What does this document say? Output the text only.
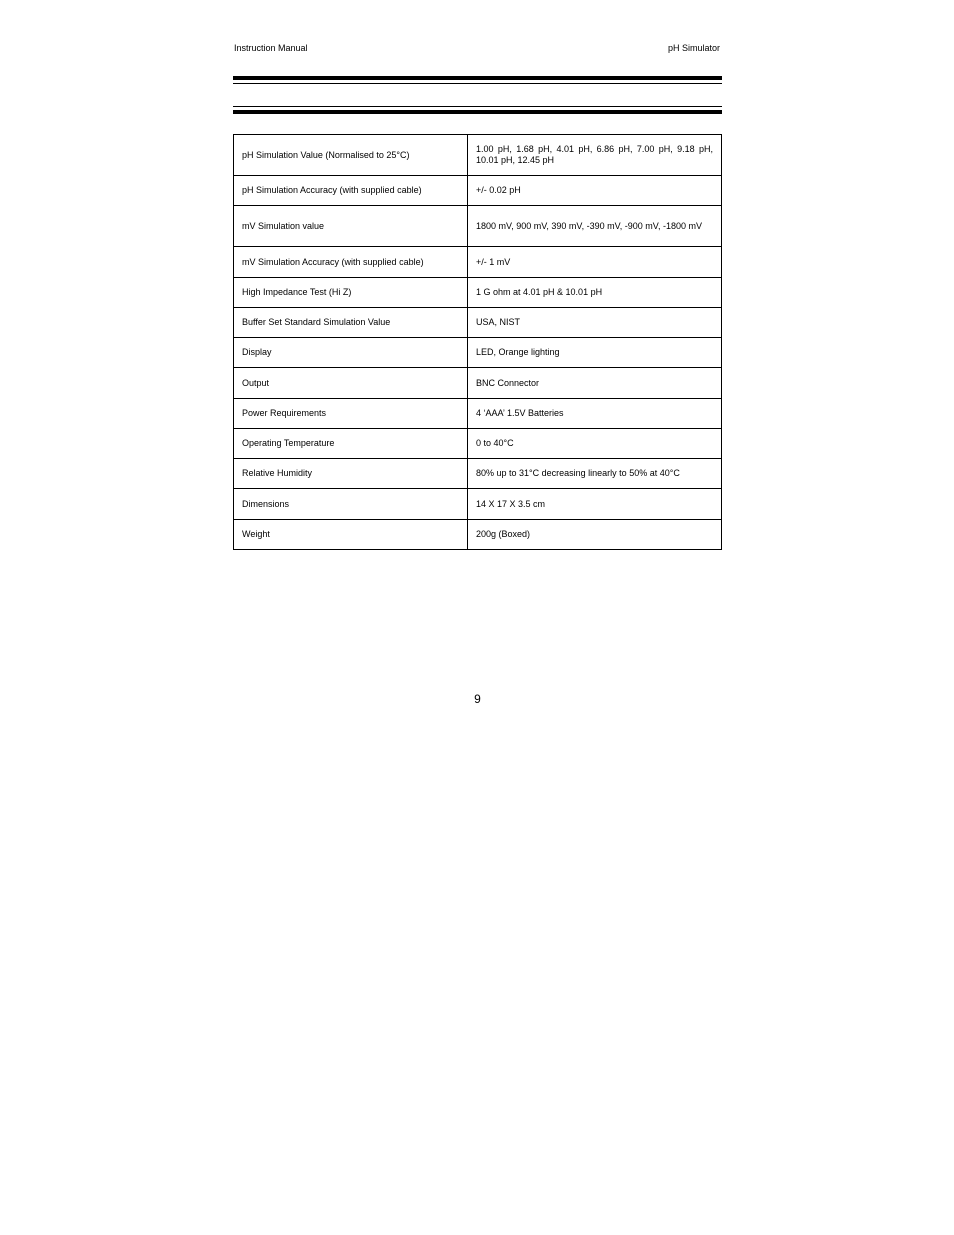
Instruction Manual	pH Simulator
pH Simulation Value (Normalised to 25°C)	1.00 pH, 1.68 pH, 4.01 pH, 6.86 pH, 7.00 pH, 9.18 pH, 10.01 pH, 12.45 pH
pH Simulation Accuracy (with supplied cable)	+/- 0.02 pH
mV Simulation value	1800 mV, 900 mV, 390 mV, -390 mV, -900 mV, -1800 mV
mV Simulation Accuracy (with supplied cable)	+/- 1 mV
High Impedance Test (Hi Z)	1 G ohm at 4.01 pH & 10.01 pH
Buffer Set Standard Simulation Value	USA, NIST
Display	LED, Orange lighting
Output	BNC Connector
Power Requirements	4 ‘AAA’ 1.5V Batteries
Operating Temperature	0 to 40°C
Relative Humidity	80% up to 31°C decreasing linearly to 50% at 40°C
Dimensions	14 X 17 X 3.5 cm
Weight	200g (Boxed)
9
